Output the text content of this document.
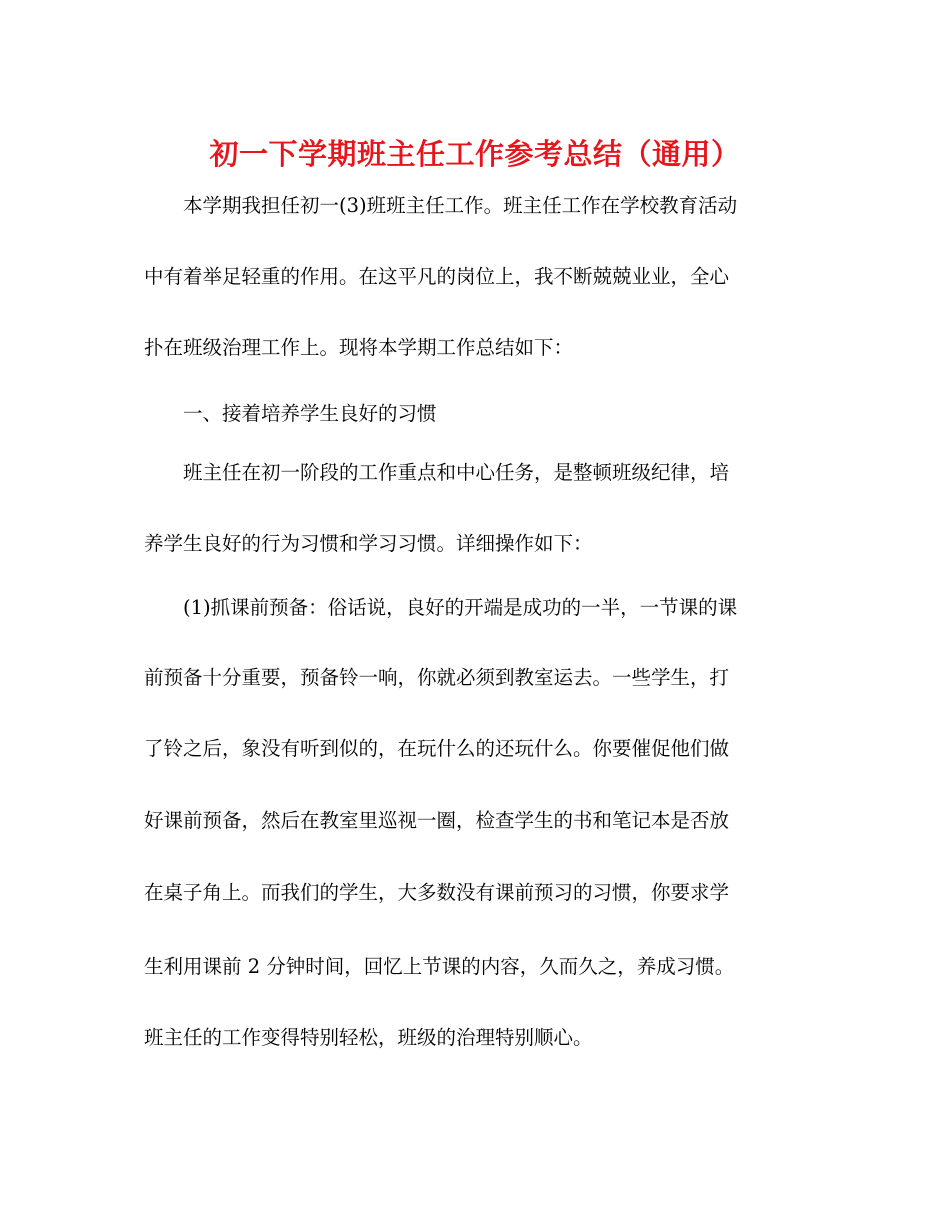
初一下学期班主任工作参考总结（通用）
本学期我担任初一(3)班班主任工作。班主任工作在学校教育活动
中有着举足轻重的作用。在这平凡的岗位上，我不断兢兢业业，全心
扑在班级治理工作上。现将本学期工作总结如下：
一、接着培养学生良好的习惯
班主任在初一阶段的工作重点和中心任务，是整顿班级纪律，培
养学生良好的行为习惯和学习习惯。详细操作如下：
(1)抓课前预备：俗话说，良好的开端是成功的一半，一节课的课
前预备十分重要，预备铃一响，你就必须到教室运去。一些学生，打
了铃之后，象没有听到似的，在玩什么的还玩什么。你要催促他们做
好课前预备，然后在教室里巡视一圈，检查学生的书和笔记本是否放
在桌子角上。而我们的学生，大多数没有课前预习的习惯，你要求学
生利用课前 2 分钟时间，回忆上节课的内容，久而久之，养成习惯。
班主任的工作变得特别轻松，班级的治理特别顺心。
